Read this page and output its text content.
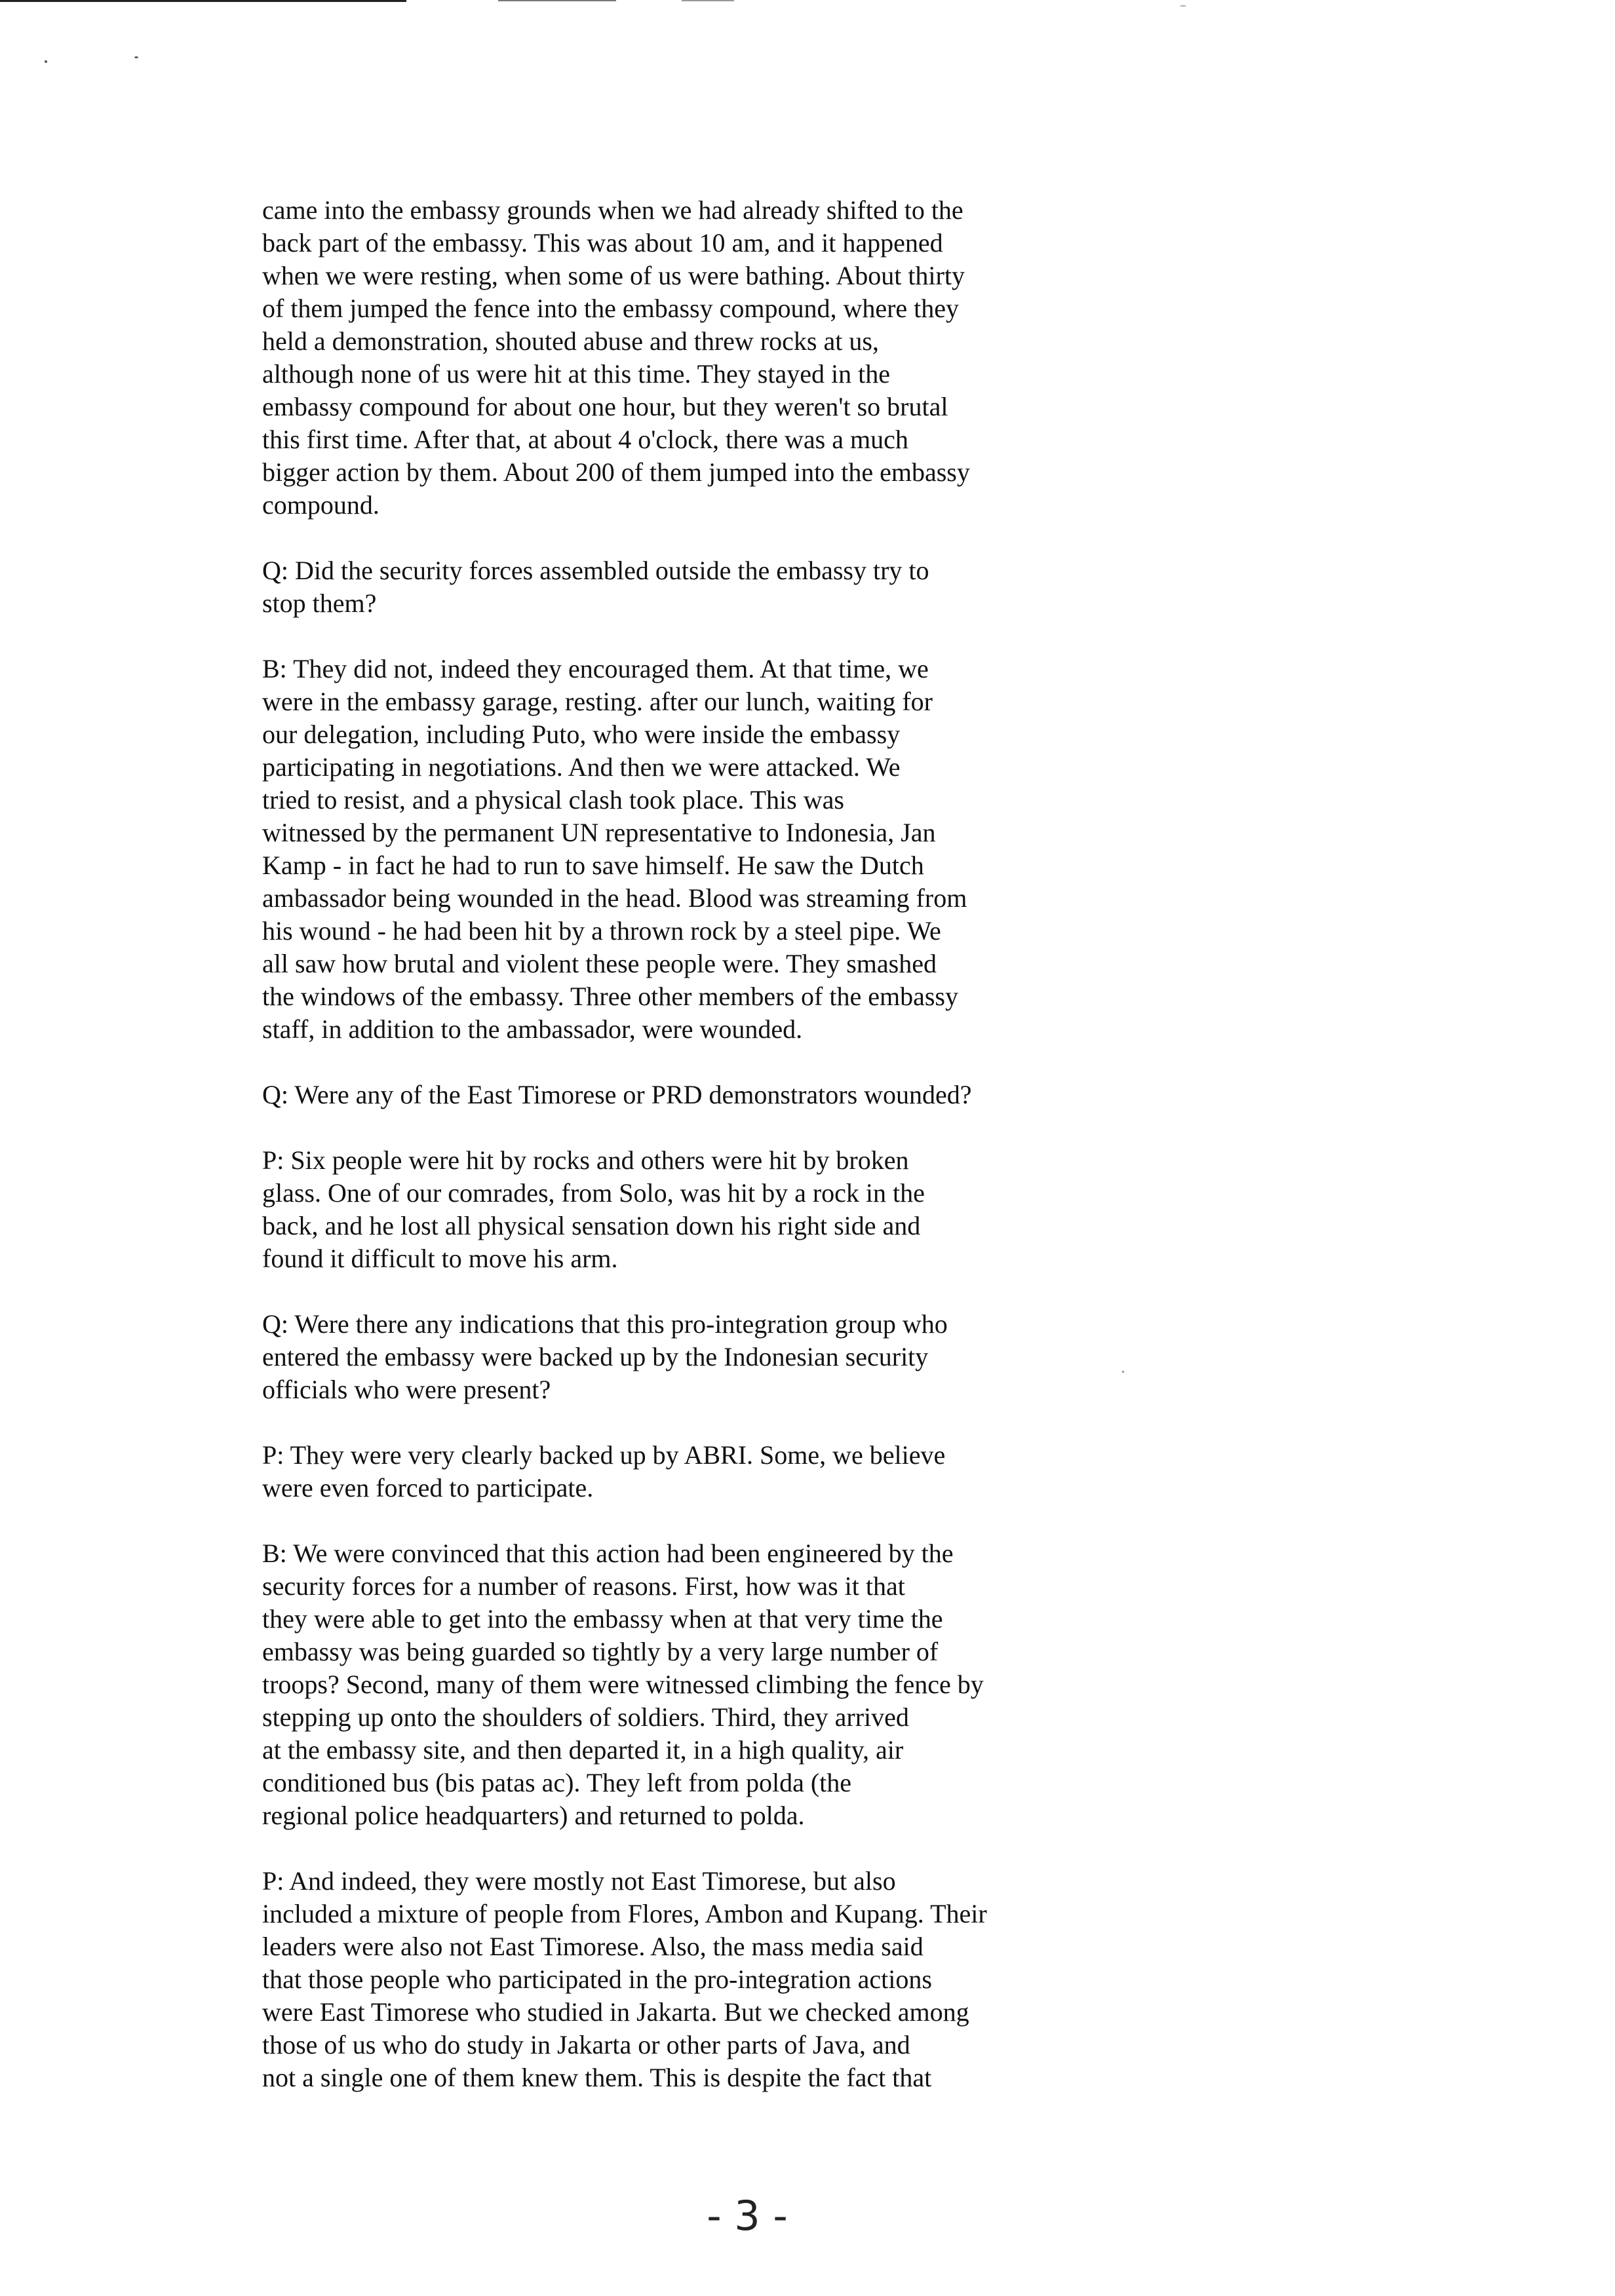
came into the embassy grounds when we had already shifted to the
back part of the embassy. This was about 10 am, and it happened
when we were resting, when some of us were bathing. About thirty
of them jumped the fence into the embassy compound, where they
held a demonstration, shouted abuse and threw rocks at us,
although none of us were hit at this time. They stayed in the
embassy compound for about one hour, but they weren't so brutal
this first time. After that, at about 4 o'clock, there was a much
bigger action by them. About 200 of them jumped into the embassy
compound.

Q: Did the security forces assembled outside the embassy try to
stop them?

B: They did not, indeed they encouraged them. At that time, we
were in the embassy garage, resting. after our lunch, waiting for
our delegation, including Puto, who were inside the embassy
participating in negotiations. And then we were attacked. We
tried to resist, and a physical clash took place. This was
witnessed by the permanent UN representative to Indonesia, Jan
Kamp - in fact he had to run to save himself. He saw the Dutch
ambassador being wounded in the head. Blood was streaming from
his wound - he had been hit by a thrown rock by a steel pipe. We
all saw how brutal and violent these people were. They smashed
the windows of the embassy. Three other members of the embassy
staff, in addition to the ambassador, were wounded.

Q: Were any of the East Timorese or PRD demonstrators wounded?

P: Six people were hit by rocks and others were hit by broken
glass. One of our comrades, from Solo, was hit by a rock in the
back, and he lost all physical sensation down his right side and
found it difficult to move his arm.

Q: Were there any indications that this pro-integration group who
entered the embassy were backed up by the Indonesian security
officials who were present?

P: They were very clearly backed up by ABRI. Some, we believe
were even forced to participate.

B: We were convinced that this action had been engineered by the
security forces for a number of reasons. First, how was it that
they were able to get into the embassy when at that very time the
embassy was being guarded so tightly by a very large number of
troops? Second, many of them were witnessed climbing the fence by
stepping up onto the shoulders of soldiers. Third, they arrived
at the embassy site, and then departed it, in a high quality, air
conditioned bus (bis patas ac). They left from polda (the
regional police headquarters) and returned to polda.

P: And indeed, they were mostly not East Timorese, but also
included a mixture of people from Flores, Ambon and Kupang. Their
leaders were also not East Timorese. Also, the mass media said
that those people who participated in the pro-integration actions
were East Timorese who studied in Jakarta. But we checked among
those of us who do study in Jakarta or other parts of Java, and
not a single one of them knew them. This is despite the fact that

- 3 -
